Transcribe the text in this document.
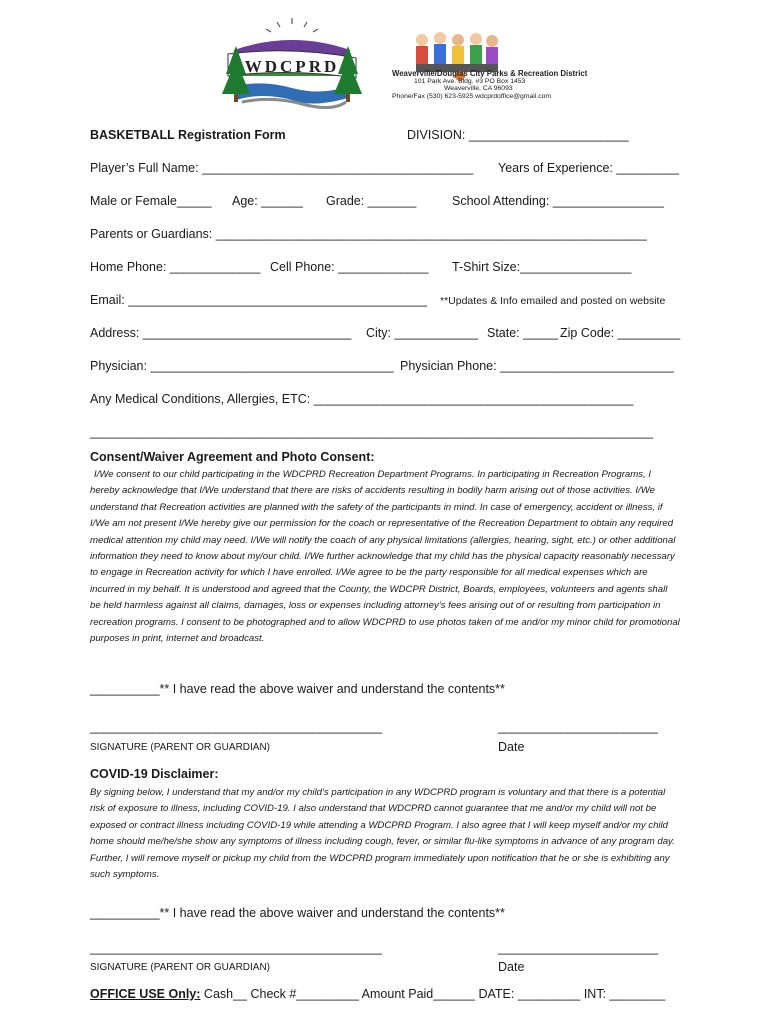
WDCPRD	Weaverville/Douglas City Parks & Recreation District
101 Park Ave. Bldg. #3 PO Box 1453
Weaverville, CA 96093
Phone/Fax (530) 623-5925 wdcprdoffice@gmail.com
BASKETBALL Registration Form	DIVISION: _______________________
Player’s Full Name: _______________________________________ Years of Experience: _________
Male or Female_____ Age: ______ Grade: _______	School Attending: ________________
Parents or Guardians: ______________________________________________________________
Home Phone: _____________ Cell Phone: _____________ T-Shirt Size:________________
Email: ___________________________________________ **Updates & Info emailed and posted on website
Address: ______________________________ City: ____________ State: _____ Zip Code: _________
Physician: ___________________________________ Physician Phone: _________________________
Any Medical Conditions, Allergies, ETC: ______________________________________________
_________________________________________________________________________________
Consent/Waiver Agreement and Photo Consent:
I/We consent to our child participating in the WDCPRD Recreation Department Programs. In participating in Recreation Programs, I hereby acknowledge that I/We understand that there are risks of accidents resulting in bodily harm arising out of those activities. I/We understand that Recreation activities are planned with the safety of the participants in mind. In case of emergency, accident or illness, if I/We am not present I/We hereby give our permission for the coach or representative of the Recreation Department to obtain any required medical attention my child may need. I/We will notify the coach of any physical limitations (allergies, hearing, sight, etc.) or other additional information they need to know about my/our child. I/We further acknowledge that my child has the physical capacity reasonably necessary to engage in Recreation activity for which I have enrolled. I/We agree to be the party responsible for all medical expenses which are incurred in my behalf. It is understood and agreed that the County, the WDCPR District, Boards, employees, volunteers and agents shall be held harmless against all claims, damages, loss or expenses including attorney’s fees arising out of or resulting from participation in recreation programs. I consent to be photographed and to allow WDCPRD to use photos taken of me and/or my minor child for promotional purposes in print, internet and broadcast.
__________** I have read the above waiver and understand the contents**
__________________________________________	_______________________
SIGNATURE (PARENT OR GUARDIAN)	Date
COVID-19 Disclaimer:
By signing below, I understand that my and/or my child’s participation in any WDCPRD program is voluntary and that there is a potential risk of exposure to illness, including COVID-19. I also understand that WDCPRD cannot guarantee that me and/or my child will not be exposed or contract illness including COVID-19 while attending a WDCPRD Program. I also agree that I will keep myself and/or my child home should me/he/she show any symptoms of illness including cough, fever, or similar flu-like symptoms in advance of any program day. Further, I will remove myself or pickup my child from the WDCPRD program immediately upon notification that he or she is exhibiting any such symptoms.
__________** I have read the above waiver and understand the contents**
__________________________________________	_______________________
SIGNATURE (PARENT OR GUARDIAN)	Date
OFFICE USE Only: Cash__ Check #_________ Amount Paid______ DATE: _________ INT: ________
